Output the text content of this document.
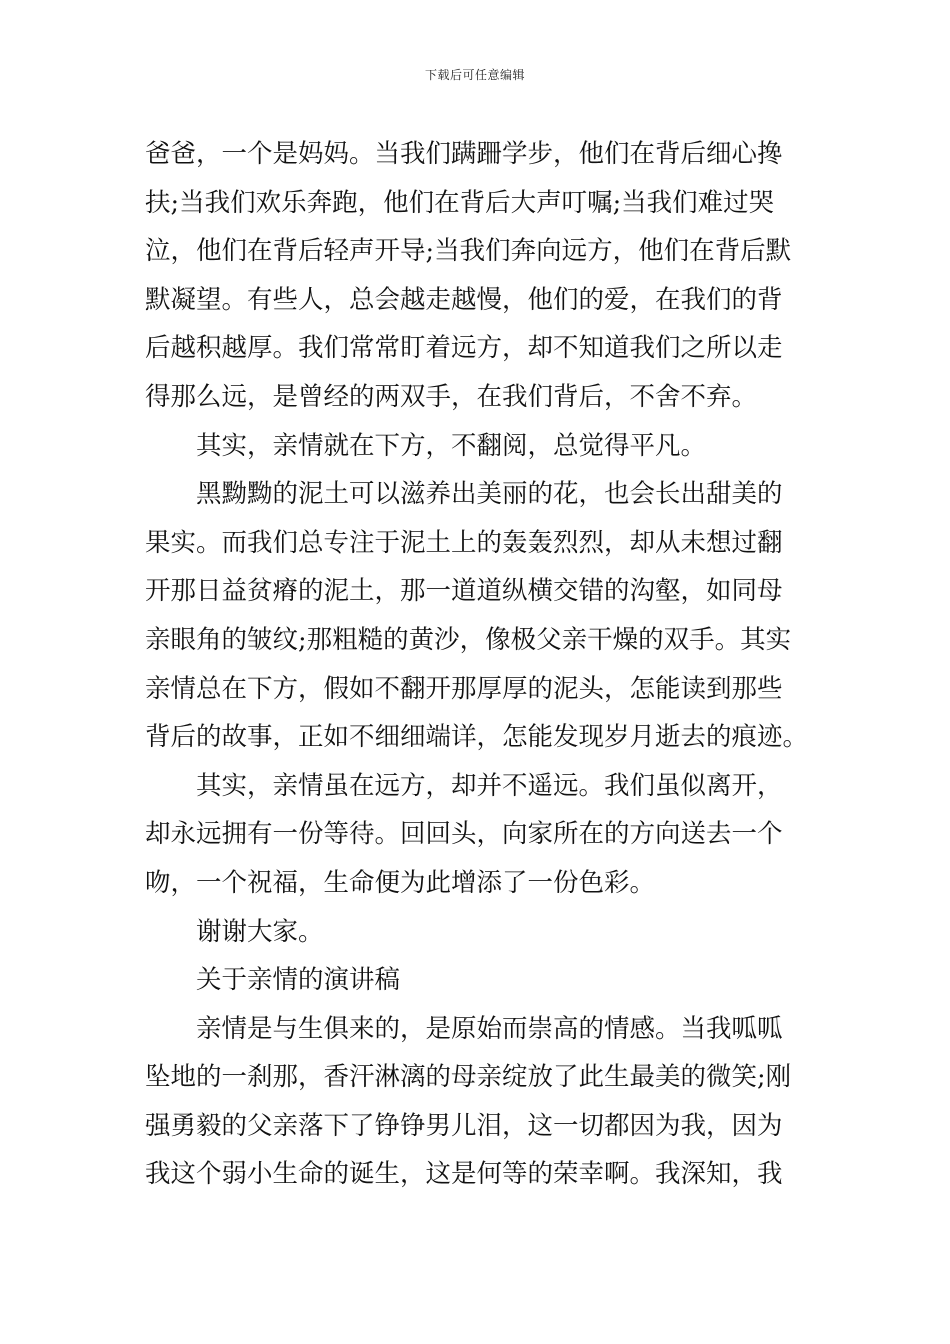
下载后可任意编辑
爸爸，一个是妈妈。当我们蹒跚学步，他们在背后细心搀
扶;当我们欢乐奔跑，他们在背后大声叮嘱;当我们难过哭
泣，他们在背后轻声开导;当我们奔向远方，他们在背后默
默凝望。有些人，总会越走越慢，他们的爱，在我们的背
后越积越厚。我们常常盯着远方，却不知道我们之所以走
得那么远，是曾经的两双手，在我们背后，不舍不弃。
其实，亲情就在下方，不翻阅，总觉得平凡。
黑黝黝的泥土可以滋养出美丽的花，也会长出甜美的
果实。而我们总专注于泥土上的轰轰烈烈，却从未想过翻
开那日益贫瘠的泥土，那一道道纵横交错的沟壑，如同母
亲眼角的皱纹;那粗糙的黄沙，像极父亲干燥的双手。其实
亲情总在下方，假如不翻开那厚厚的泥头，怎能读到那些
背后的故事，正如不细细端详，怎能发现岁月逝去的痕迹。
其实，亲情虽在远方，却并不遥远。我们虽似离开，
却永远拥有一份等待。回回头，向家所在的方向送去一个
吻，一个祝福，生命便为此增添了一份色彩。
谢谢大家。
关于亲情的演讲稿
亲情是与生俱来的，是原始而崇高的情感。当我呱呱
坠地的一刹那，香汗淋漓的母亲绽放了此生最美的微笑;刚
强勇毅的父亲落下了铮铮男儿泪，这一切都因为我，因为
我这个弱小生命的诞生，这是何等的荣幸啊。我深知，我
